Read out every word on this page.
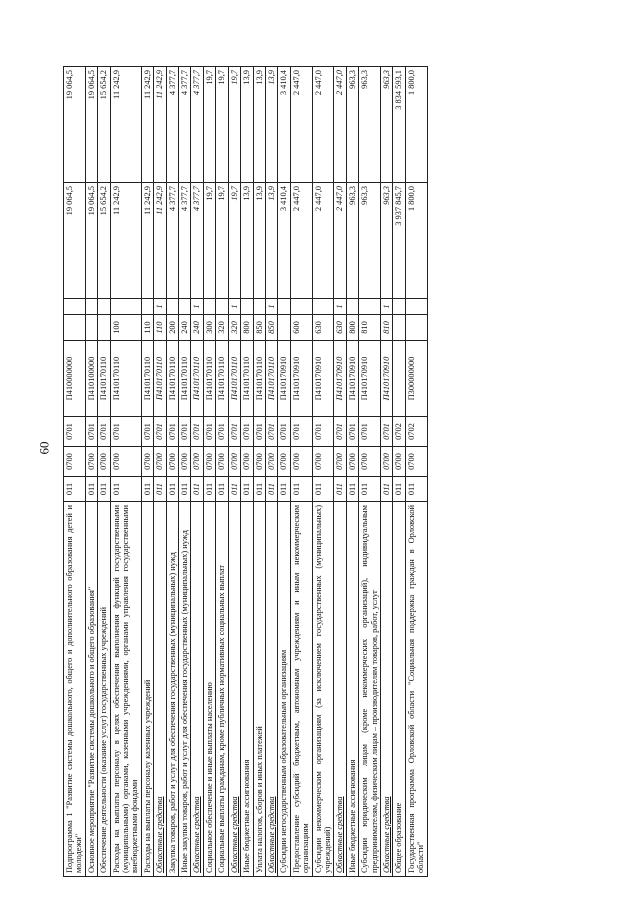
60
Подпрограмма 1 "Развитие системы дошкольного, общего и дополнительного образования детей и молодежи"	011	0700	0701	П410000000			19 064,5	19 064,5
Основное мероприятие "Развитие системы дошкольного и общего образования"	011	0700	0701	П410100000			19 064,5	19 064,5
Обеспечение деятельности (оказание услуг) государственных учреждений	011	0700	0701	П410170110			15 654,2	15 654,2
Расходы на выплаты персоналу в целях обеспечения выполнения функций государственными (муниципальными) органами, казенными учреждениями, органами управления государственными внебюджетными фондами	011	0700	0701	П410170110	100		11 242,9	11 242,9
Расходы на выплаты персоналу казенных учреждений	011	0700	0701	П410170110	110		11 242,9	11 242,9
Областные средства	011	0700	0701	П410170110	110	1	11 242,9	11 242,9
Закупка товаров, работ и услуг для обеспечения государственных (муниципальных) нужд	011	0700	0701	П410170110	200		4 377,7	4 377,7
Иные закупки товаров, работ и услуг для обеспечения государственных (муниципальных) нужд	011	0700	0701	П410170110	240		4 377,7	4 377,7
Областные средства	011	0700	0701	П410170110	240	1	4 377,7	4 377,7
Социальное обеспечение и иные выплаты населению	011	0700	0701	П410170110	300		19,7	19,7
Социальные выплаты гражданам, кроме публичных нормативных социальных выплат	011	0700	0701	П410170110	320		19,7	19,7
Областные средства	011	0700	0701	П410170110	320	1	19,7	19,7
Иные бюджетные ассигнования	011	0700	0701	П410170110	800		13,9	13,9
Уплата налогов, сборов и иных платежей	011	0700	0701	П410170110	850		13,9	13,9
Областные средства	011	0700	0701	П410170110	850	1	13,9	13,9
Субсидии негосударственным образовательным организациям	011	0700	0701	П410170910			3 410,4	3 410,4
Предоставление субсидий бюджетным, автономным учреждениям и иным некоммерческим организациям	011	0700	0701	П410170910	600		2 447,0	2 447,0
Субсидии некоммерческим организациям (за исключением государственных (муниципальных) учреждений)	011	0700	0701	П410170910	630		2 447,0	2 447,0
Областные средства	011	0700	0701	П410170910	630	1	2 447,0	2 447,0
Иные бюджетные ассигнования	011	0700	0701	П410170910	800		963,3	963,3
Субсидии юридическим лицам (кроме некоммерческих организаций), индивидуальным предпринимателям, физическим лицам – производителям товаров, работ, услуг	011	0700	0701	П410170910	810		963,3	963,3
Областные средства	011	0700	0701	П410170910	810	1	963,3	963,3
Общее образование	011	0700	0702				3 937 845,7	3 834 593,1
Государственная программа Орловской области "Социальная поддержка граждан в Орловской области"	011	0700	0702	П300000000			1 800,0	1 800,0
